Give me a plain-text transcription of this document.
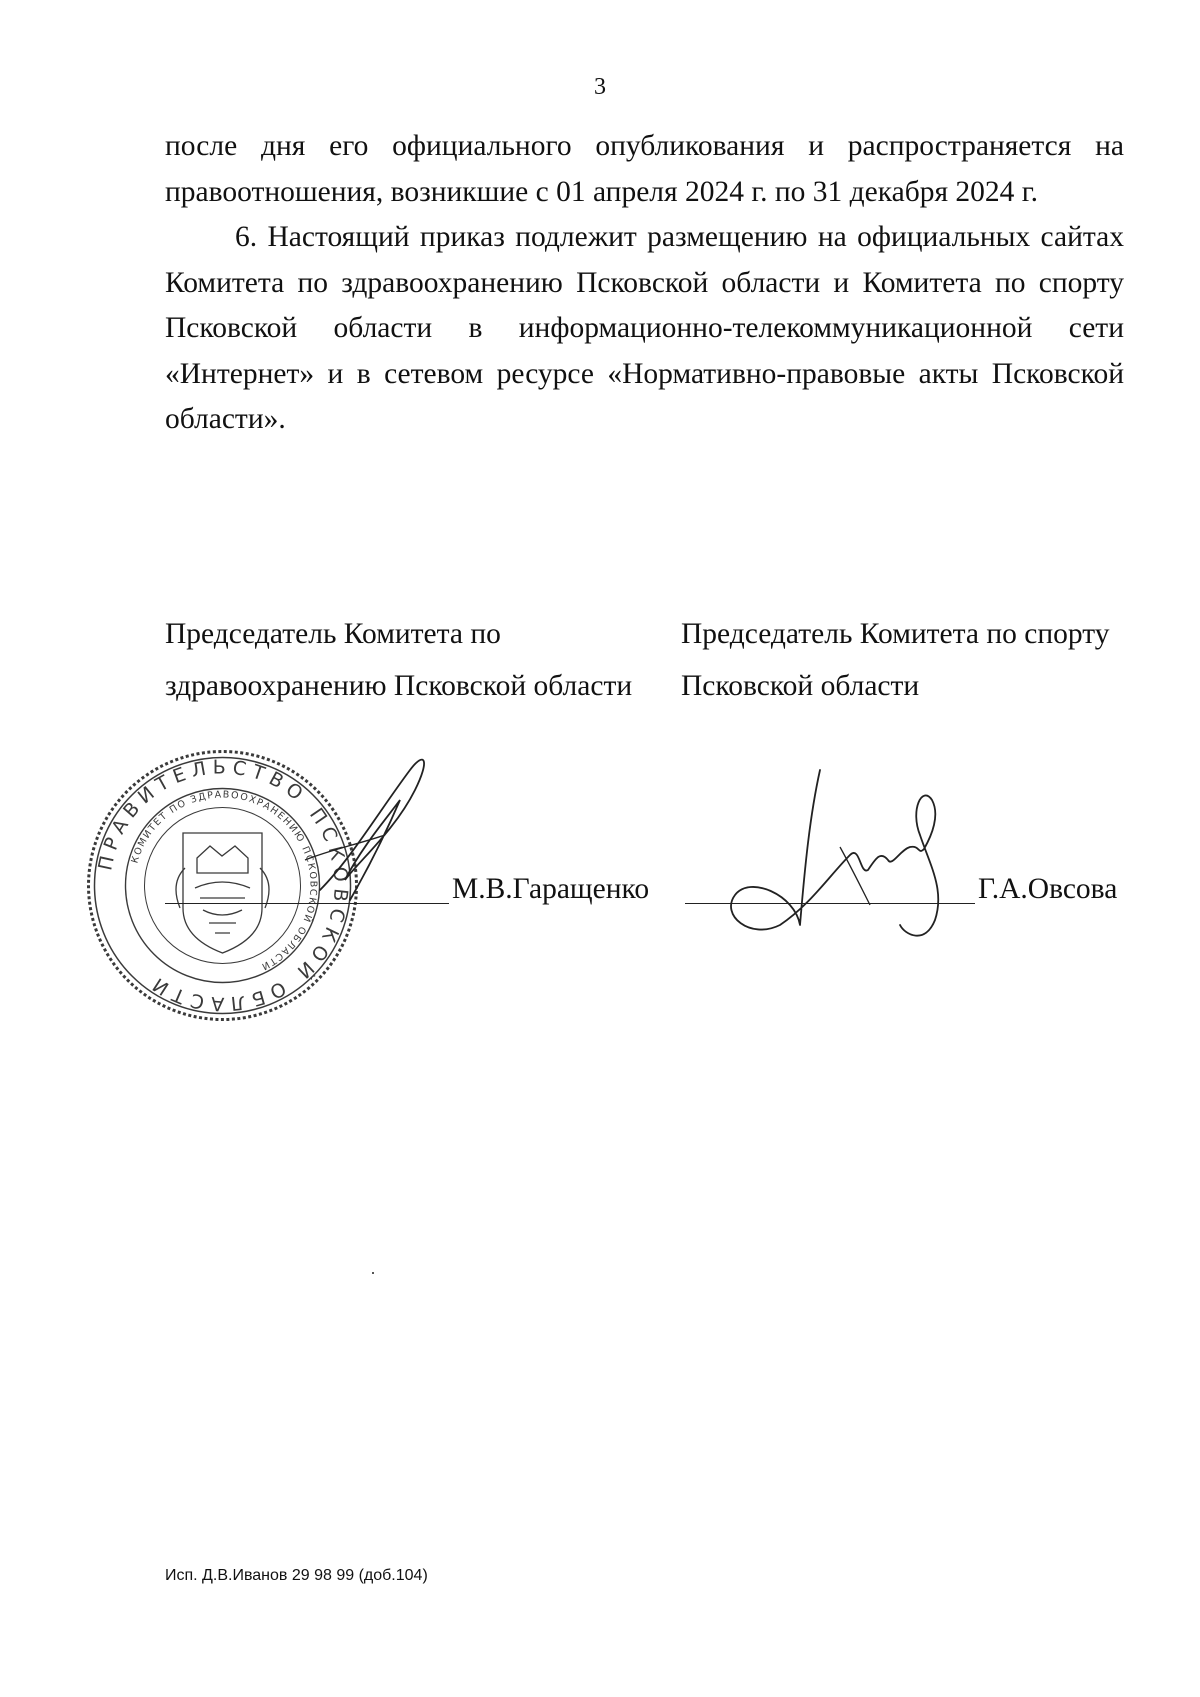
3

после дня его официального опубликования и распространяется на правоотношения, возникшие с 01 апреля 2024 г. по 31 декабря 2024 г.

6. Настоящий приказ подлежит размещению на официальных сайтах Комитета по здравоохранению Псковской области и Комитета по спорту Псковской области в информационно-телекоммуникационной сети «Интернет» и в сетевом ресурсе «Нормативно-правовые акты Псковской области».

Председатель Комитета по
здравоохранению Псковской области
Председатель Комитета по спорту
Псковской области
ПРАВИТЕЛЬСТВО ПСКОВСКОЙ ОБЛАСТИ
КОМИТЕТ ПО ЗДРАВООХРАНЕНИЮ ПСКОВСКОЙ ОБЛАСТИ
М.В.Гаращенко	Г.А.Овсова
Исп. Д.В.Иванов 29 98 99 (доб.104)
